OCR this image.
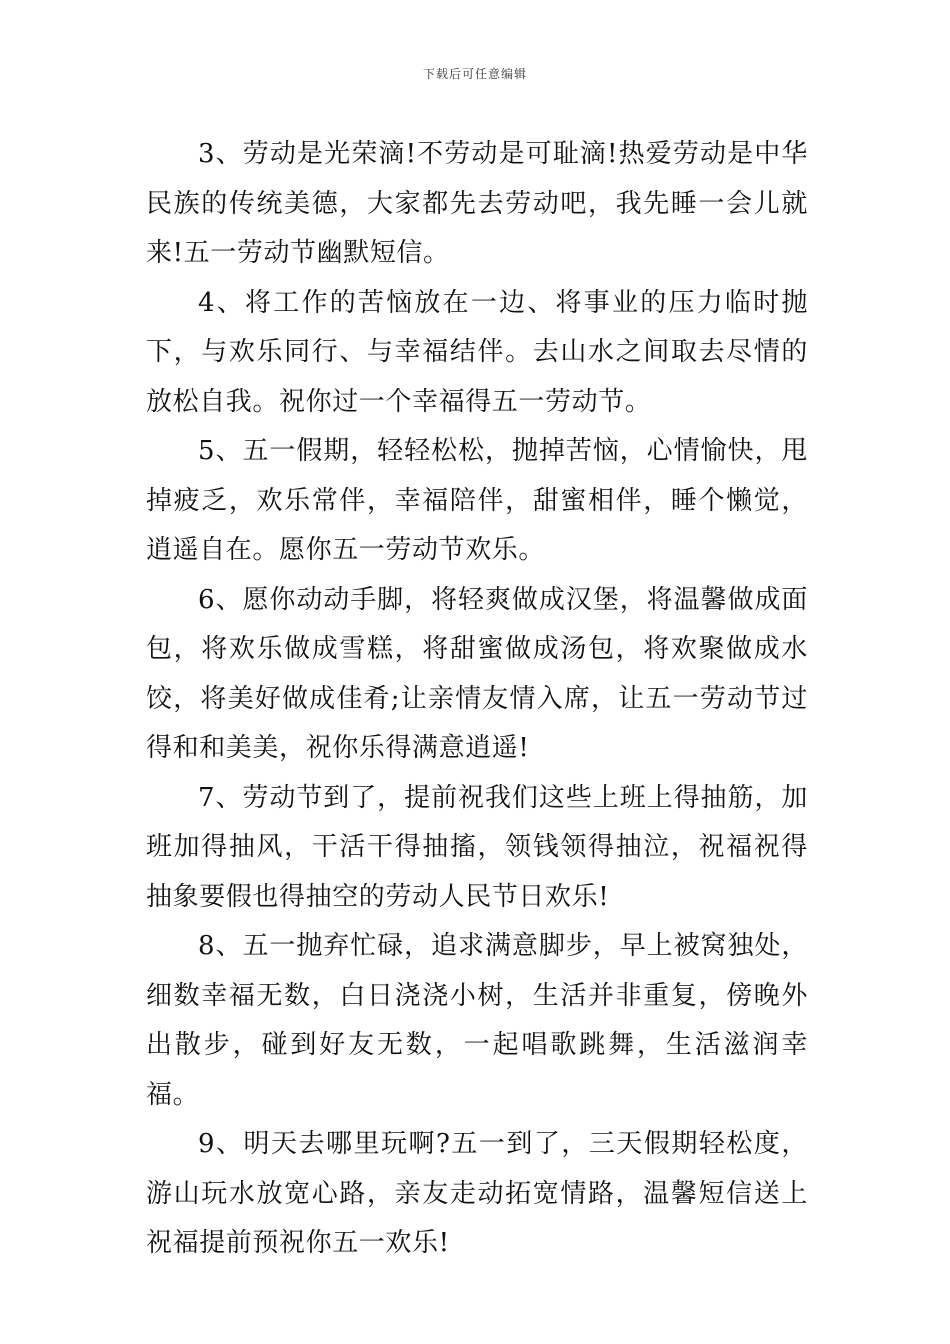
下载后可任意编辑

3、劳动是光荣滴!不劳动是可耻滴!热爱劳动是中华民族的传统美德，大家都先去劳动吧，我先睡一会儿就来!五一劳动节幽默短信。

4、将工作的苦恼放在一边、将事业的压力临时抛下，与欢乐同行、与幸福结伴。去山水之间取去尽情的放松自我。祝你过一个幸福得五一劳动节。

5、五一假期，轻轻松松，抛掉苦恼，心情愉快，甩掉疲乏，欢乐常伴，幸福陪伴，甜蜜相伴，睡个懒觉，逍遥自在。愿你五一劳动节欢乐。

6、愿你动动手脚，将轻爽做成汉堡，将温馨做成面包，将欢乐做成雪糕，将甜蜜做成汤包，将欢聚做成水饺，将美好做成佳肴;让亲情友情入席，让五一劳动节过得和和美美，祝你乐得满意逍遥!

7、劳动节到了，提前祝我们这些上班上得抽筋，加班加得抽风，干活干得抽搐，领钱领得抽泣，祝福祝得抽象要假也得抽空的劳动人民节日欢乐!

8、五一抛弃忙碌，追求满意脚步，早上被窝独处，细数幸福无数，白日浇浇小树，生活并非重复，傍晚外出散步，碰到好友无数，一起唱歌跳舞，生活滋润幸福。

9、明天去哪里玩啊?五一到了，三天假期轻松度，游山玩水放宽心路，亲友走动拓宽情路，温馨短信送上祝福提前预祝你五一欢乐!
